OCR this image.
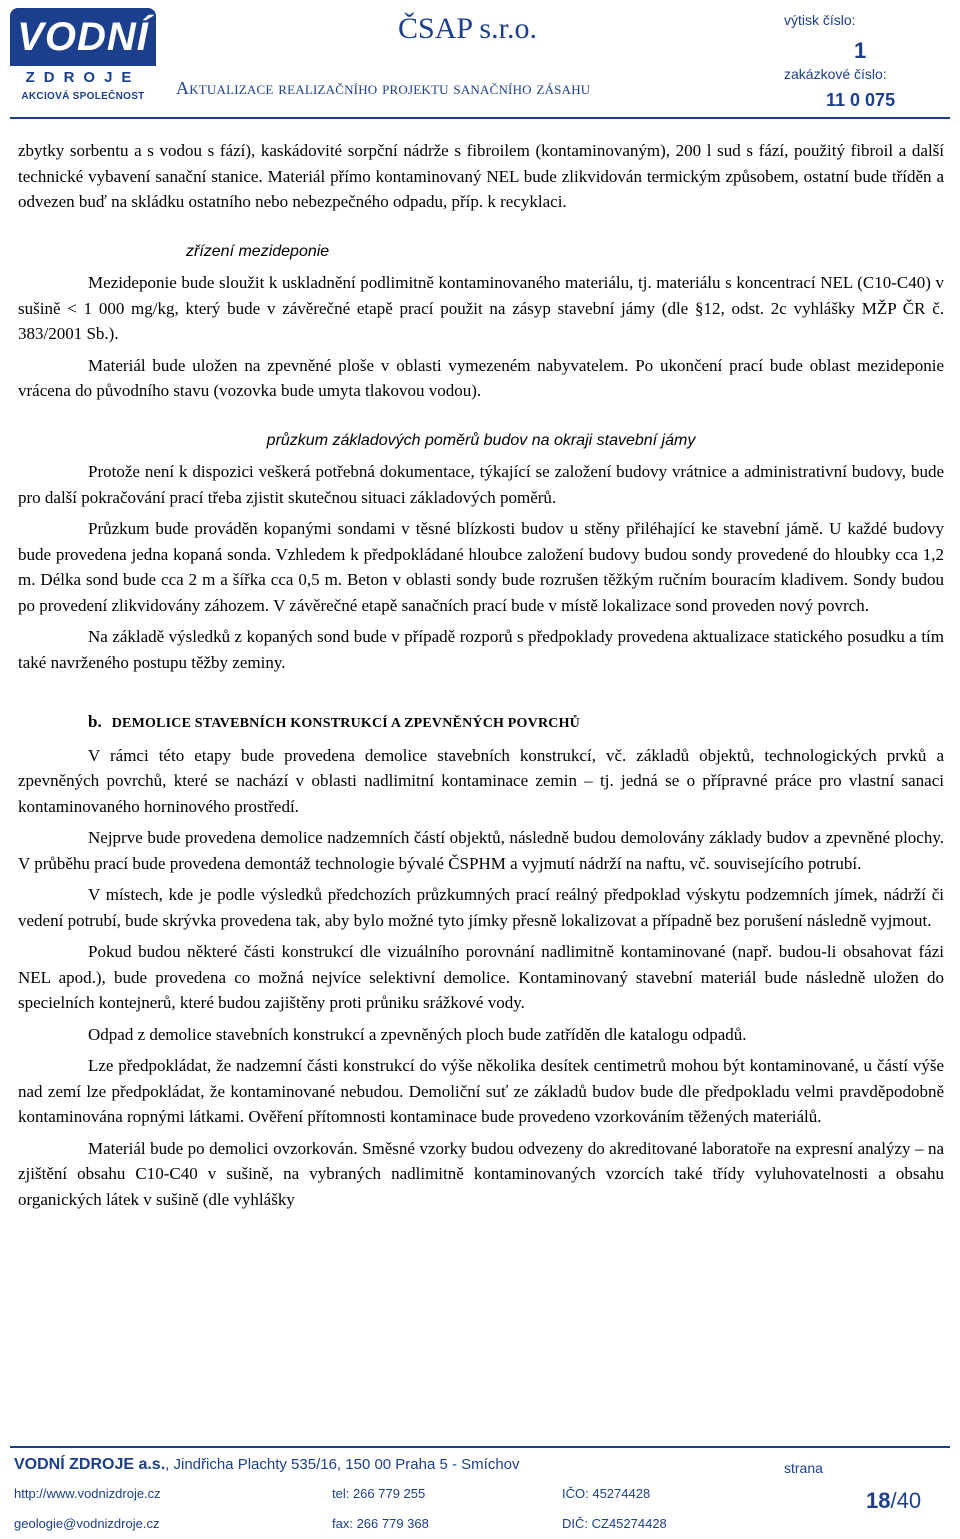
VODNÍ
ZDROJE
AKCIOVÁ SPOLEČNOST
ČSAP s.r.o.
Aktualizace realizačního projektu sanačního zásahu
výtisk číslo:
1
zakázkové číslo:
11 0 075

zbytky sorbentu a s vodou s fází), kaskádovité sorpční nádrže s fibroilem (kontaminovaným), 200 l sud s fází, použitý fibroil a další technické vybavení sanační stanice. Materiál přímo kontaminovaný NEL bude zlikvidován termickým způsobem, ostatní bude tříděn a odvezen buď na skládku ostatního nebo nebezpečného odpadu, příp. k recyklaci.

zřízení mezideponie

Mezideponie bude sloužit k uskladnění podlimitně kontaminovaného materiálu, tj. materiálu s koncentrací NEL (C10-C40) v sušině < 1 000 mg/kg, který bude v závěrečné etapě prací použit na zásyp stavební jámy (dle §12, odst. 2c vyhlášky MŽP ČR č. 383/2001 Sb.).

Materiál bude uložen na zpevněné ploše v oblasti vymezeném nabyvatelem. Po ukončení prací bude oblast mezideponie vrácena do původního stavu (vozovka bude umyta tlakovou vodou).

průzkum základových poměrů budov na okraji stavební jámy

Protože není k dispozici veškerá potřebná dokumentace, týkající se založení budovy vrátnice a administrativní budovy, bude pro další pokračování prací třeba zjistit skutečnou situaci základových poměrů.

Průzkum bude prováděn kopanými sondami v těsné blízkosti budov u stěny přiléhající ke stavební jámě. U každé budovy bude provedena jedna kopaná sonda. Vzhledem k předpokládané hloubce založení budovy budou sondy provedené do hloubky cca 1,2 m. Délka sond bude cca 2 m a šířka cca 0,5 m. Beton v oblasti sondy bude rozrušen těžkým ručním bouracím kladivem. Sondy budou po provedení zlikvidovány záhozem. V závěrečné etapě sanačních prací bude v místě lokalizace sond proveden nový povrch.

Na základě výsledků z kopaných sond bude v případě rozporů s předpoklady provedena aktualizace statického posudku a tím také navrženého postupu těžby zeminy.

b. DEMOLICE STAVEBNÍCH KONSTRUKCÍ A ZPEVNĚNÝCH POVRCHŮ

V rámci této etapy bude provedena demolice stavebních konstrukcí, vč. základů objektů, technologických prvků a zpevněných povrchů, které se nachází v oblasti nadlimitní kontaminace zemin – tj. jedná se o přípravné práce pro vlastní sanaci kontaminovaného horninového prostředí.

Nejprve bude provedena demolice nadzemních částí objektů, následně budou demolovány základy budov a zpevněné plochy. V průběhu prací bude provedena demontáž technologie bývalé ČSPHM a vyjmutí nádrží na naftu, vč. souvisejícího potrubí.

V místech, kde je podle výsledků předchozích průzkumných prací reálný předpoklad výskytu podzemních jímek, nádrží či vedení potrubí, bude skrývka provedena tak, aby bylo možné tyto jímky přesně lokalizovat a případně bez porušení následně vyjmout.

Pokud budou některé části konstrukcí dle vizuálního porovnání nadlimitně kontaminované (např. budou-li obsahovat fázi NEL apod.), bude provedena co možná nejvíce selektivní demolice. Kontaminovaný stavební materiál bude následně uložen do specielních kontejnerů, které budou zajištěny proti průniku srážkové vody.

Odpad z demolice stavebních konstrukcí a zpevněných ploch bude zatříděn dle katalogu odpadů.

Lze předpokládat, že nadzemní části konstrukcí do výše několika desítek centimetrů mohou být kontaminované, u částí výše nad zemí lze předpokládat, že kontaminované nebudou. Demoliční suť ze základů budov bude dle předpokladu velmi pravděpodobně kontaminována ropnými látkami. Ověření přítomnosti kontaminace bude provedeno vzorkováním těžených materiálů.

Materiál bude po demolici ovzorkován. Směsné vzorky budou odvezeny do akreditované laboratoře na expresní analýzy – na zjištění obsahu C10-C40 v sušině, na vybraných nadlimitně kontaminovaných vzorcích také třídy vyluhovatelnosti a obsahu organických látek v sušině (dle vyhlášky

VODNÍ ZDROJE a.s., Jindřicha Plachty 535/16, 150 00 Praha 5 - Smíchov
http://www.vodnizdroje.cz	tel: 266 779 255	IČO: 45274428
geologie@vodnizdroje.cz	fax: 266 779 368	DIČ: CZ45274428
strana
18/40
